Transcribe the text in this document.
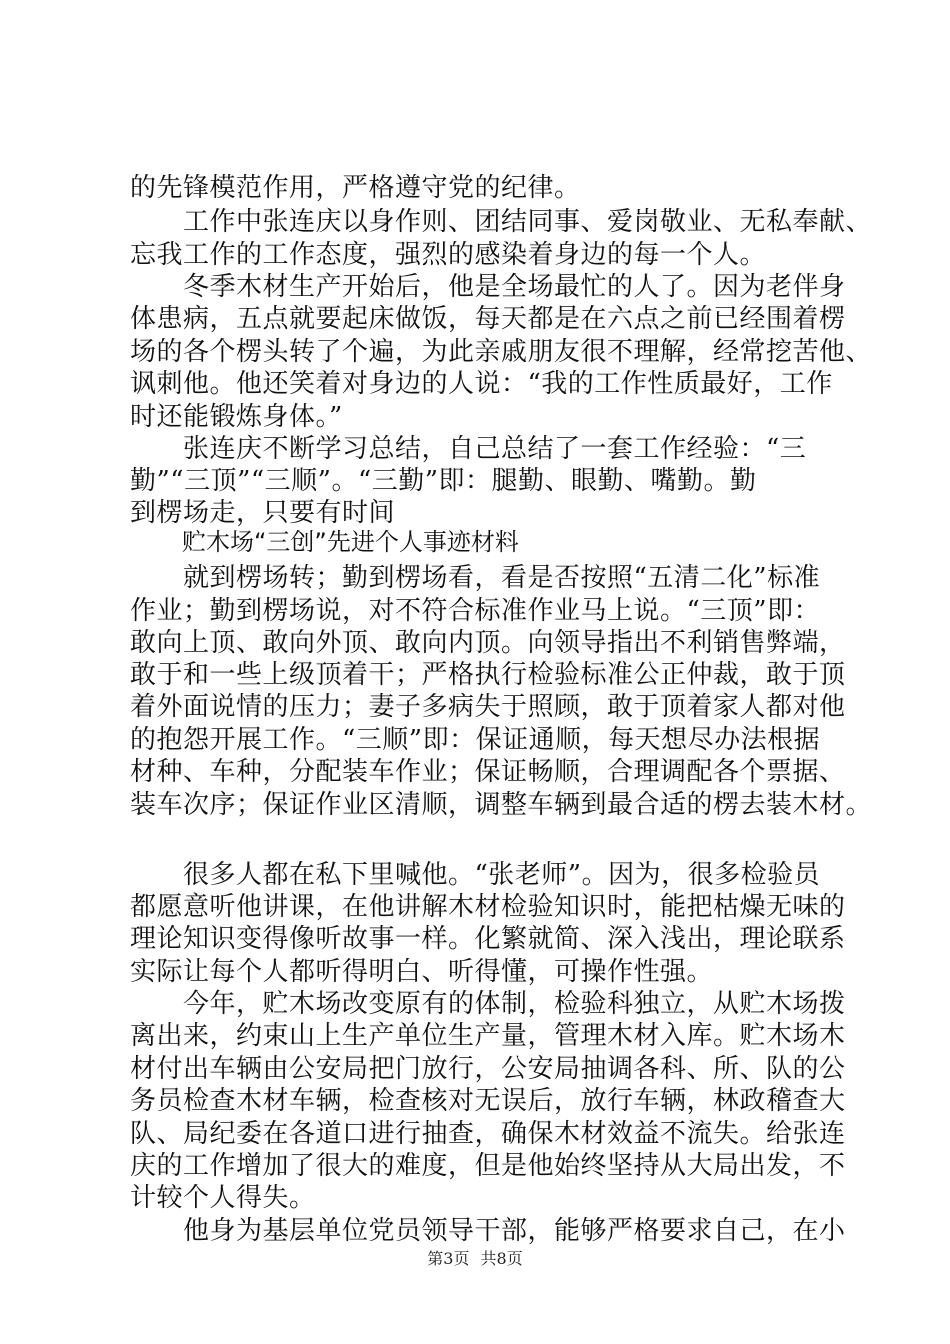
的先锋模范作用，严格遵守党的纪律。
　　工作中张连庆以身作则、团结同事、爱岗敬业、无私奉献、
忘我工作的工作态度，强烈的感染着身边的每一个人。
　　冬季木材生产开始后，他是全场最忙的人了。因为老伴身
体患病，五点就要起床做饭，每天都是在六点之前已经围着楞
场的各个楞头转了个遍，为此亲戚朋友很不理解，经常挖苦他、
讽刺他。他还笑着对身边的人说：“我的工作性质最好，工作
时还能锻炼身体。”
　　张连庆不断学习总结，自己总结了一套工作经验：“三
勤”“三顶”“三顺”。“三勤”即：腿勤、眼勤、嘴勤。勤
到楞场走，只要有时间
贮木场“三创”先进个人事迹材料
　　就到楞场转；勤到楞场看，看是否按照“五清二化”标准
作业；勤到楞场说，对不符合标准作业马上说。“三顶”即：
敢向上顶、敢向外顶、敢向内顶。向领导指出不利销售弊端，
敢于和一些上级顶着干；严格执行检验标准公正仲裁，敢于顶
着外面说情的压力；妻子多病失于照顾，敢于顶着家人都对他
的抱怨开展工作。“三顺”即：保证通顺，每天想尽办法根据
材种、车种，分配装车作业；保证畅顺，合理调配各个票据、
装车次序；保证作业区清顺，调整车辆到最合适的楞去装木材。
　　很多人都在私下里喊他。“张老师”。因为，很多检验员
都愿意听他讲课，在他讲解木材检验知识时，能把枯燥无味的
理论知识变得像听故事一样。化繁就简、深入浅出，理论联系
实际让每个人都听得明白、听得懂，可操作性强。
　　今年，贮木场改变原有的体制，检验科独立，从贮木场拨
离出来，约束山上生产单位生产量，管理木材入库。贮木场木
材付出车辆由公安局把门放行，公安局抽调各科、所、队的公
务员检查木材车辆，检查核对无误后，放行车辆，林政稽查大
队、局纪委在各道口进行抽查，确保木材效益不流失。给张连
庆的工作增加了很大的难度，但是他始终坚持从大局出发，不
计较个人得失。
　　他身为基层单位党员领导干部，能够严格要求自己，在小
第3页 共8页
